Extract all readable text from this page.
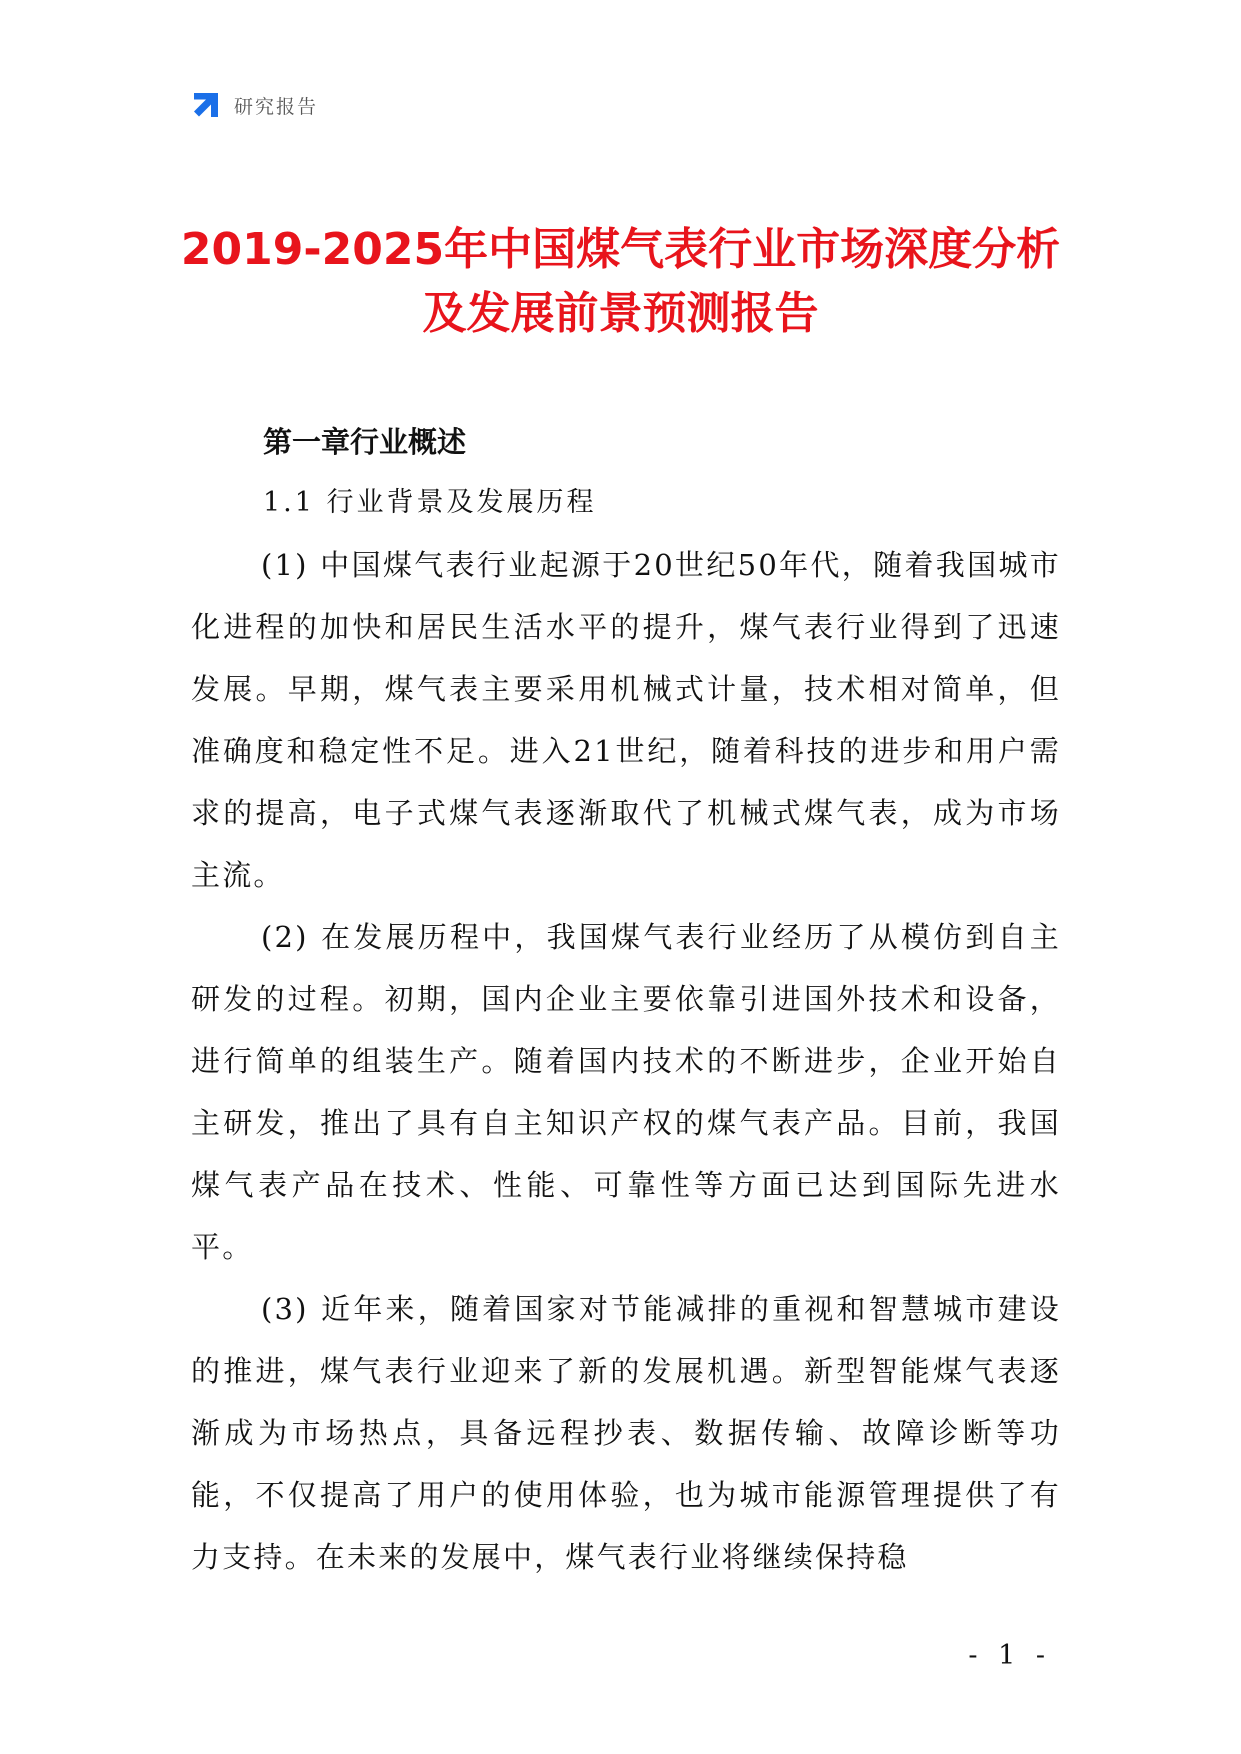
研究报告
2019-2025年中国煤气表行业市场深度分析
及发展前景预测报告
第一章行业概述
1.1 行业背景及发展历程

(1) 中国煤气表行业起源于20世纪50年代，随着我国城市化进程的加快和居民生活水平的提升，煤气表行业得到了迅速发展。早期，煤气表主要采用机械式计量，技术相对简单，但准确度和稳定性不足。进入21世纪，随着科技的进步和用户需求的提高，电子式煤气表逐渐取代了机械式煤气表，成为市场主流。

(2) 在发展历程中，我国煤气表行业经历了从模仿到自主研发的过程。初期，国内企业主要依靠引进国外技术和设备，进行简单的组装生产。随着国内技术的不断进步，企业开始自主研发，推出了具有自主知识产权的煤气表产品。目前，我国煤气表产品在技术、性能、可靠性等方面已达到国际先进水平。

(3) 近年来，随着国家对节能减排的重视和智慧城市建设的推进，煤气表行业迎来了新的发展机遇。新型智能煤气表逐渐成为市场热点，具备远程抄表、数据传输、故障诊断等功能，不仅提高了用户的使用体验，也为城市能源管理提供了有力支持。在未来的发展中，煤气表行业将继续保持稳

- 1 -
